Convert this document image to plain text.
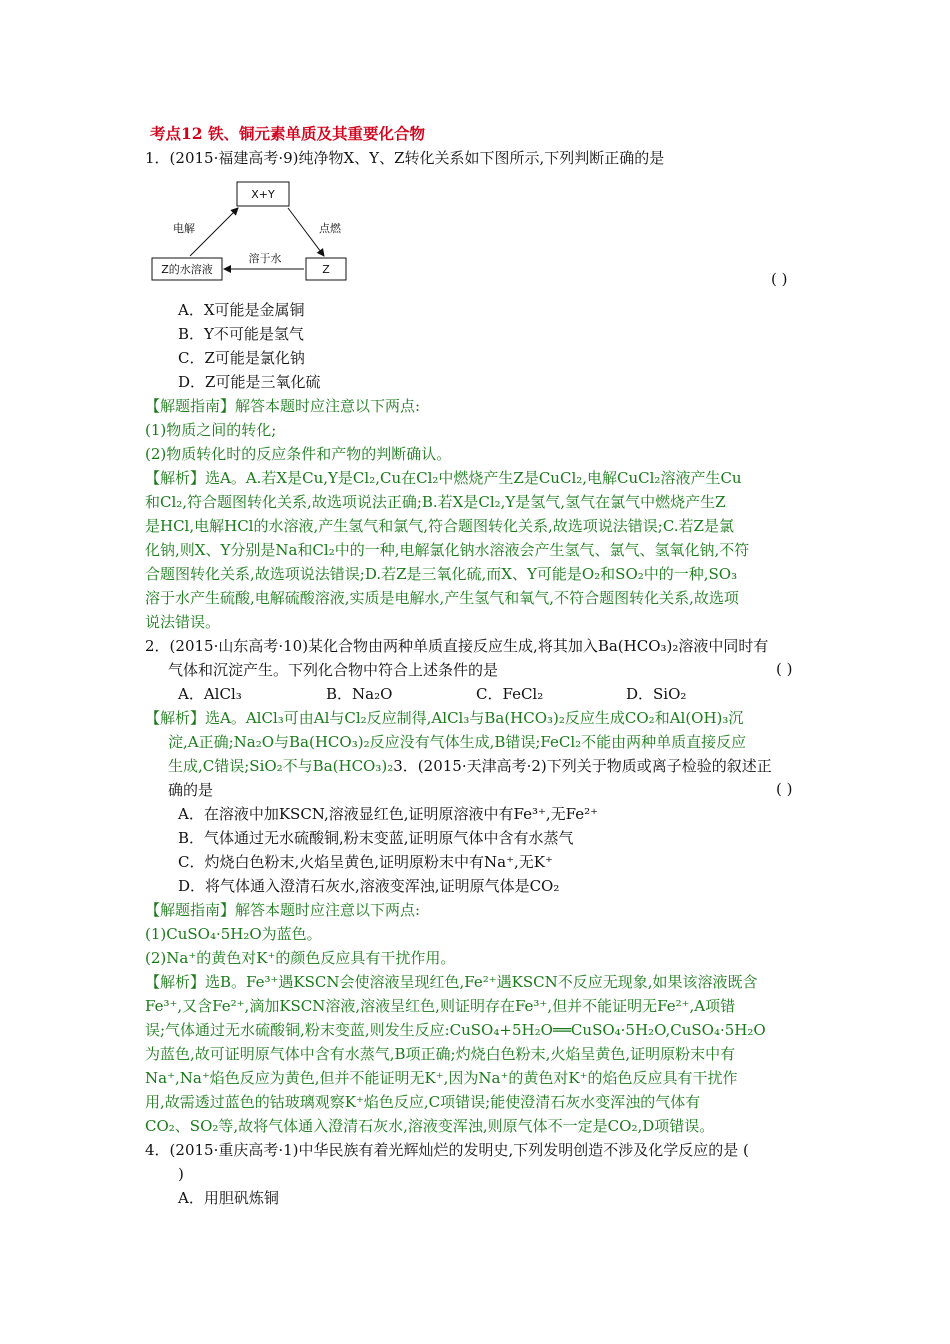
考点12 铁、铜元素单质及其重要化合物
1．(2015·福建高考·9)纯净物X、Y、Z转化关系如下图所示,下列判断正确的是
X+Y
Z的水溶液	Z
电解	点燃
溶于水
( )
A．X可能是金属铜
B．Y不可能是氢气
C．Z可能是氯化钠
D．Z可能是三氧化硫
【解题指南】解答本题时应注意以下两点:
(1)物质之间的转化;
(2)物质转化时的反应条件和产物的判断确认。
【解析】选A。A.若X是Cu,Y是Cl₂,Cu在Cl₂中燃烧产生Z是CuCl₂,电解CuCl₂溶液产生Cu
和Cl₂,符合题图转化关系,故选项说法正确;B.若X是Cl₂,Y是氢气,氢气在氯气中燃烧产生Z
是HCl,电解HCl的水溶液,产生氢气和氯气,符合题图转化关系,故选项说法错误;C.若Z是氯
化钠,则X、Y分别是Na和Cl₂中的一种,电解氯化钠水溶液会产生氢气、氯气、氢氧化钠,不符
合题图转化关系,故选项说法错误;D.若Z是三氧化硫,而X、Y可能是O₂和SO₂中的一种,SO₃
溶于水产生硫酸,电解硫酸溶液,实质是电解水,产生氢气和氧气,不符合题图转化关系,故选项
说法错误。
2．(2015·山东高考·10)某化合物由两种单质直接反应生成,将其加入Ba(HCO₃)₂溶液中同时有
气体和沉淀产生。下列化合物中符合上述条件的是	( )
A．AlCl₃	B．Na₂O	C．FeCl₂	D．SiO₂
【解析】选A。AlCl₃可由Al与Cl₂反应制得,AlCl₃与Ba(HCO₃)₂反应生成CO₂和Al(OH)₃沉
淀,A正确;Na₂O与Ba(HCO₃)₂反应没有气体生成,B错误;FeCl₂不能由两种单质直接反应
生成,C错误;SiO₂不与Ba(HCO₃)₂3．(2015·天津高考·2)下列关于物质或离子检验的叙述正
确的是	( )
A．在溶液中加KSCN,溶液显红色,证明原溶液中有Fe³⁺,无Fe²⁺
B．气体通过无水硫酸铜,粉末变蓝,证明原气体中含有水蒸气
C．灼烧白色粉末,火焰呈黄色,证明原粉末中有Na⁺,无K⁺
D．将气体通入澄清石灰水,溶液变浑浊,证明原气体是CO₂
【解题指南】解答本题时应注意以下两点:
(1)CuSO₄·5H₂O为蓝色。
(2)Na⁺的黄色对K⁺的颜色反应具有干扰作用。
【解析】选B。Fe³⁺遇KSCN会使溶液呈现红色,Fe²⁺遇KSCN不反应无现象,如果该溶液既含
Fe³⁺,又含Fe²⁺,滴加KSCN溶液,溶液呈红色,则证明存在Fe³⁺,但并不能证明无Fe²⁺,A项错
误;气体通过无水硫酸铜,粉末变蓝,则发生反应:CuSO₄+5H₂O══CuSO₄·5H₂O,CuSO₄·5H₂O
为蓝色,故可证明原气体中含有水蒸气,B项正确;灼烧白色粉末,火焰呈黄色,证明原粉末中有
Na⁺,Na⁺焰色反应为黄色,但并不能证明无K⁺,因为Na⁺的黄色对K⁺的焰色反应具有干扰作
用,故需透过蓝色的钴玻璃观察K⁺焰色反应,C项错误;能使澄清石灰水变浑浊的气体有
CO₂、SO₂等,故将气体通入澄清石灰水,溶液变浑浊,则原气体不一定是CO₂,D项错误。
4．(2015·重庆高考·1)中华民族有着光辉灿烂的发明史,下列发明创造不涉及化学反应的是 (
)
A．用胆矾炼铜
